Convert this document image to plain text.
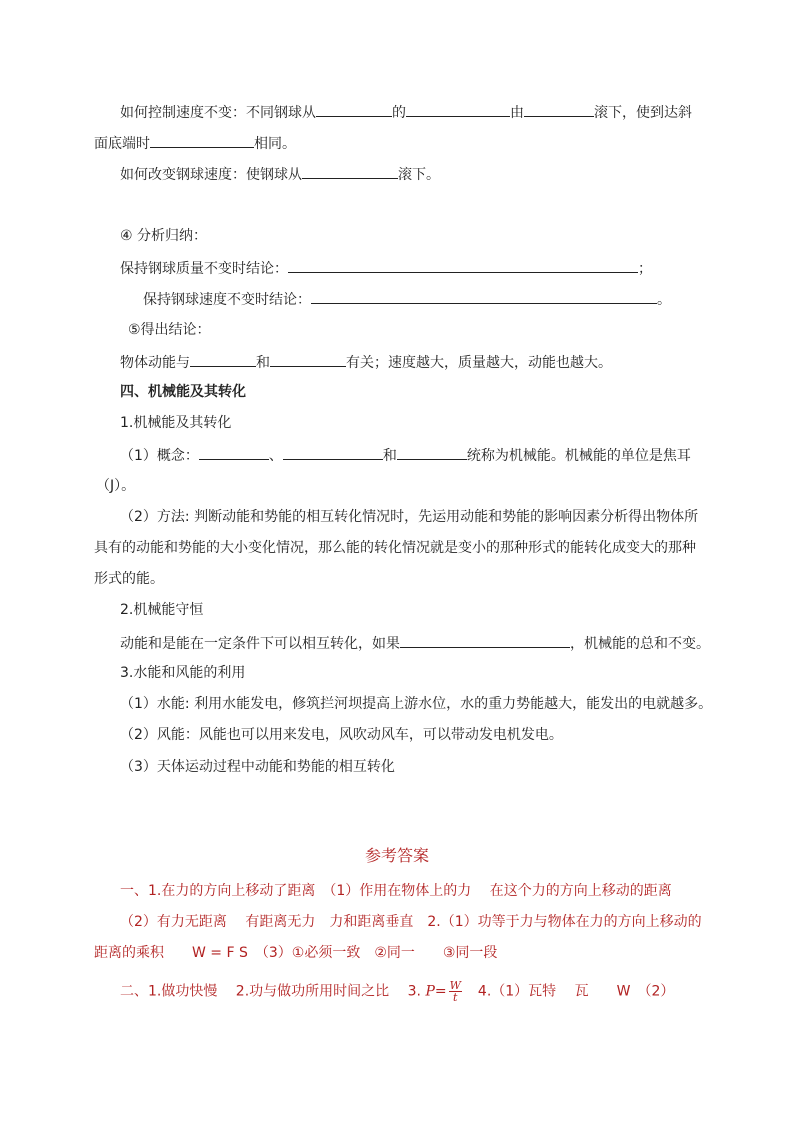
如何控制速度不变：不同钢球从	的	由	滚下，使到达斜
面底端时	相同。
如何改变钢球速度：使钢球从	滚下。
④ 分析归纳：
保持钢球质量不变时结论：	；
保持钢球速度不变时结论：	。
⑤得出结论：
物体动能与	和	有关；速度越大，质量越大，动能也越大。
四、机械能及其转化
1.机械能及其转化
（1）概念：	、	和	统称为机械能。机械能的单位是焦耳
（J）。
（2）方法: 判断动能和势能的相互转化情况时，先运用动能和势能的影响因素分析得出物体所
具有的动能和势能的大小变化情况，那么能的转化情况就是变小的那种形式的能转化成变大的那种
形式的能。
2.机械能守恒
动能和是能在一定条件下可以相互转化，如果	，机械能的总和不变。
3.水能和风能的利用
（1）水能: 利用水能发电，修筑拦河坝提高上游水位，水的重力势能越大，能发出的电就越多。
（2）风能：风能也可以用来发电，风吹动风车，可以带动发电机发电。
（3）天体运动过程中动能和势能的相互转化
参考答案
一、1.在力的方向上移动了距离　（1）作用在物体上的力　 在这个力的方向上移动的距离
（2）有力无距离　 有距离无力　力和距离垂直　2.（1）功等于力与物体在力的方向上移动的
距离的乘积　　W = F S　（3）①必须一致　②同一　　③同一段
二、1.做功快慢　 2.功与做功所用时间之比　 3. $P= \frac{W}{t}$ 　4.（1）瓦特　 瓦　　W　（2）
